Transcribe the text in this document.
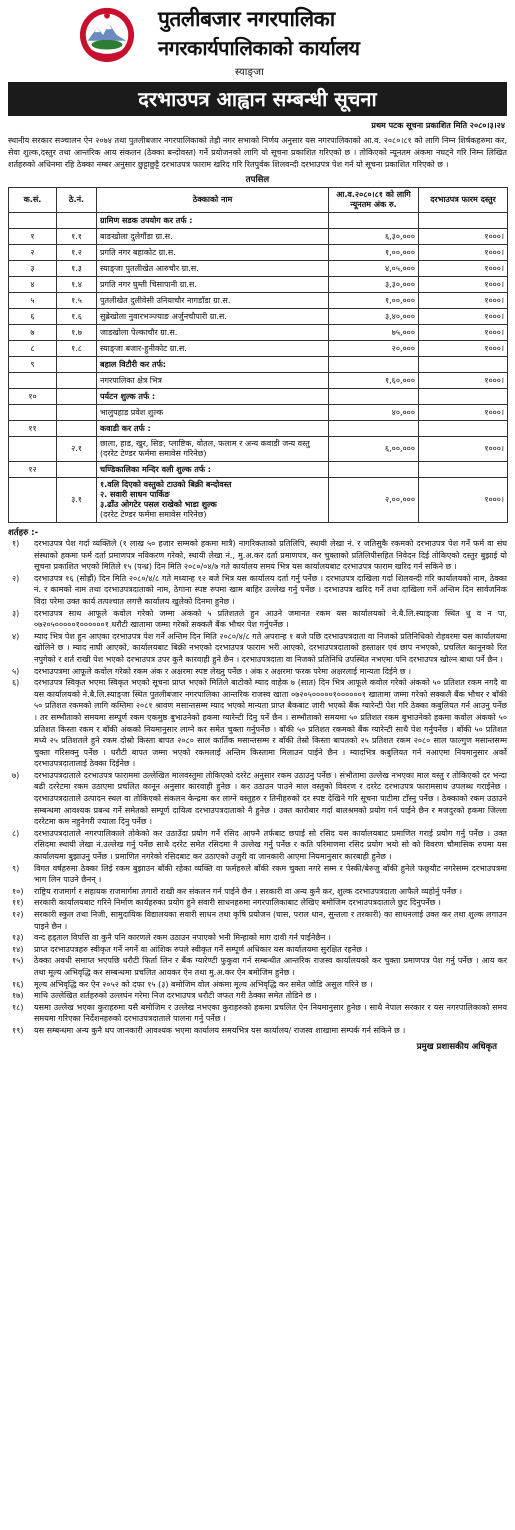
पुतलीबजार नगरपालिका
नगरकार्यपालिकाको कार्यालय
स्याङ्जा
दरभाउपत्र आह्वान सम्बन्धी सूचना
प्रथम पटक सूचना प्रकाशित मिति २०८०।३।२४
स्थानीय सरकार सञ्चालन ऐन २०७४ तथा पुतलीबजार नगरपालिकाको तेह्रौ नगर सभाको निर्णय अनुसार यस नगरपालिकाको आ.व. २०८०।८१ को लागि निम्न शिर्षकहरुमा कर, सेवा शुल्क,दस्तुर तथा आन्तरिक आय संकलन (ठेक्का बन्दोवस्त) गर्ने प्रयोजनको लागि यो सूचना प्रकाशित गरिएको छ । तोकिएको न्यूनतम अंकमा नघट्ने गरि निम्न लिखित शर्तहरुको अधिनमा रहि ठेक्का नम्बर अनुसार छुट्टाछुट्टै दरभाउपत्र फाराम खरिद गरि रितपुर्वक शिलवन्दी दरभाउपत्र पेश गर्न यो सूचना प्रकाशित गरिएको छ ।
तपसिल
क.सं.	ठे.नं.	ठेक्काको नाम	आ.व.२०८०।८१ को लागि न्यूनतम अंक रु.	दरभाउपत्र फारम दस्तुर
		ग्रामिण सडक उपयोग कर तर्फ :		
१	१.१	बाङखोला दुलेगौंडा ग्रा.स.	६,३०,०००	१०००।
२	१.२	प्रगति नगर बहाकोट ग्रा.स.	१,००,०००	१०००।
३	१.३	स्याङ्जा पुतलीखेत आरुचौर ग्रा.स.	४,०५,०००	१०००।
४	१.४	प्रगति नगर घुम्ती चिसापानी ग्रा.स.	३,३०,०००	१०००।
५	१.५	पुतलीखेत दुलीवेसी उनियाचौर नागडाँडा ग्रा.स.	१,००,०००	१०००।
६	१.६	सुब्रेखोला नुवारभञ्ज्याङ अर्जुनचौपारी ग्रा.स.	३,४०,०००	१०००।
७	१.७	जाडखोला पेल्काचौर ग्रा.स.	७५,०००	१०००।
८	१.८	स्याङ्जा बजार-हुनीकोट ग्रा.स.	२०,०००	१०००।
९		बहाल विटौरी कर तर्फ:		
		नगरपालिका क्षेत्र भित्र	१,६०,०००	१०००।
१०		पर्यटन शुल्क तर्फ :		
		भालुपहाड प्रवेश शुल्क	४०,०००	१०००।
११		कवाडी कर तर्फ :		
	२.१	छाला, हाड, खुर, सिङ, प्लाष्टिक, वोतल, फलाम र अन्य कवाडी जन्य वस्तु (दररेट टेण्डर फर्ममा समावेस गरिनेछ)	६,००,०००	१०००।
१२		चण्डिकालिका मन्दिर वली शुल्क तर्फ :		
	३.१	१.वलि दिएको वस्तुको टाउको बिक्री बन्दोवस्त
२. सवारी साधन पार्किङ
३.ढाँउ ओगटेर पसल राखेको भाडा शुल्क
(दररेट टेण्डर फर्ममा समावेस गरिनेछ)	२,००,०००	१०००।
शर्तहरु :-
१)	दरभाउपत्र पेश गर्दा व्यक्तिले (१ लाख ५० हजार सम्मको हकमा मात्रै) नागरिकताको प्रतिलिपि, स्थायी लेखा नं. र जतिसुकै रकमको दरभाउपत्र पेश गर्ने फर्म वा संघ संस्थाको हकमा फर्म दर्ता प्रमाणपत्र नविकरण गरेको, स्थायी लेखा नं., मु.अ.कर दर्ता प्रमाणपत्र, कर चुक्ताको प्रतिलिपीसहित निवेदन दिई तोकिएको दस्तुर बुझाई यो सूचना प्रकाशित भएको मितिले १५ (पन्ध्र) दिन मिति २०८०/०४/७ गते कार्यालय समय भित्र यस कार्यालयबाट दरभाउपत्र फाराम खरिद गर्न सकिने छ ।
२)	दरभाउपत्र १६ (सोह्रौं) दिन मिति २०८०/४/८ गते मध्यान्ह १२ बजे भित्र यस कार्यालय दर्ता गर्नु पर्नेछ । दरभाउपत्र दाखिला गर्दा शिलवन्दी गरि कार्यालयको नाम, ठेक्का नं. र कामको नाम तथा दरभाउपत्रदाताको नाम, ठेगाना स्पष्ट रुपमा खाम बाहिर उल्लेख गर्नु पर्नेछ । दरभाउपत्र खरिद गर्ने तथा दाखिला गर्ने अन्तिम दिन सार्वजनिक विदा परेमा उक्त कार्य तत्पश्चात लगत्तै कार्यालय खुलेको दिनमा हुनेछ ।
३)	दरभाउपत्र साथ आफूले कवोल गरेको जम्मा अंकको ५ प्रतिशतले हुन आउने जमानत रकम यस कार्यालयको ने.बै.लि.स्याङ्जा स्थित धु व न पा, ०७२०५०००००१००००००१ धरौटी खातामा जम्मा गरेको सक्कलै बैंक भौचर पेश गर्नुपर्नेछ ।
४)	म्याद भित्र पेश हुन आएका दरभाउपत्र पेश गर्ने अन्तिम दिन मिति २०८०/४/८ गते अपरान्ह १ बजे पछि दरभाउपत्रदाता वा निजको प्रतिनिधिको रोहवरमा यस कार्यालयमा खोलिने छ । म्याद नाघी आएको, कार्यालयबाट बिक्री नभएको दरभाउपत्र फाराम भरी आएको, दरभाउपत्रदाताको हस्ताक्षर एवं छाप नभएको, प्रचलित कानूनको रित नपुगेको र शर्त राखी पेश भएको दरभाउपत्र उपर कुनै कारवाही हुने छैन । दरभाउपत्रदाता वा निजको प्रतिनिधि उपस्थित नभएमा पनि दरभाउपत्र खोल्न बाधा पर्ने छैन ।
५)	दरभाउपत्रमा आफूले कवोल गरेको रकम अंक र अक्षरमा स्पष्ट लेख्नु पर्नेछ । अंक र अक्षरमा फरक परेमा अक्षरलाई मान्यता दिईने छ ।
६)	दरभाउपत्र स्विकृत भएमा स्विकृत भएको सूचना प्राप्त भएको मितिले बाटोको म्याद वाहेक ७ (सात) दिन भित्र आफूले कवोल गरेको अंकको ५० प्रतिशत रकम नगदै वा यस कार्यालयको ने.बै.लि.स्याङ्जा स्थित पुतलीबजार नगरपालिका आन्तरिक राजस्व खाता ०७२०५०००००१००००००१ खातामा जम्मा गरेको सक्कलै बैंक भौचर र बाँकी ५० प्रतिशत रकमको लागि कम्तिमा २०८१ श्रावण मसान्तसम्म म्याद भएको मान्यता प्राप्त बैकबाट जारी भएको बैंक ग्यारेन्टी पेश गरि ठेक्का कबुलियत गर्न आउनु पर्नेछ । तर सम्भौताको समयमा सम्पूर्ण रकम एकमुष्ठ बुभाउनेको हकमा ग्यारेन्टी दिनु पर्ने छैन । सम्भौताको समयमा ५० प्रतिशत रकम बुभाउनेको हकमा कवोल अंकको ५० प्रतिशत किस्ता रकम र बाँकी अंकको नियमानुसार लाग्ने कर समेत चुक्ता गर्नुपर्नेछ । बाँकी ५० प्रतिशत रकमको बैंक ग्यारेन्टी साथै पेश गर्नुपर्नेछ । बाँकी ५० प्रतिशत मध्ये २५ प्रतिशतले हुने रकम दोस्रो किस्ता बापत २०८० साल कार्तिक मसान्तसम्म र बाँकी तेस्रो किस्ता बापतको २५ प्रतिशत रकम २०८० साल फाल्गुण मसान्तसम्म चुक्ता गरिसक्नु पर्नेछ । धरौटी बापत जम्मा भएको रकमलाई अन्तिम किस्तामा मिलाउन पाईने छैन । म्यादभित्र कबुलियत गर्न नआएमा नियमानुसार अर्को दरभाउपत्रदातालाई ठेक्का दिईनेछ ।
७)	दरभाउपत्रदाताले दरभाउपत्र फाराममा उल्लेखित मालवस्तुमा तोकिएको दररेट अनुसार रकम उठाउनु पर्नेछ । संभौतामा उल्लेख नभएका माल वस्तु र तोकिएको दर भन्दा बढी दररेटमा रकम उठाएमा प्रचलित कानून अनुसार कारवाही हुनेछ । कर उठाउन पाउने माल वस्तुको विवरण र दररेट दरभाउपत्र फारामसाथ उपलब्ध गराईनेछ । दरभाउपत्रदाताले उत्पादन स्थल वा तोकिएको संकलन केन्द्रमा कर लाग्ने वस्तुहरु र तिनीहरुको दर स्पष्ट देखिने गरि सूचना पाटीमा टाँस्नु पर्नेछ । ठेक्काको रकम उठाउने सम्बन्धमा आवश्यक प्रबन्ध गर्ने समेतको सम्पूर्ण दायित्व दरभाउपत्रदाताको नै हुनेछ । उक्त कारोबार गर्दा बालश्रमको प्रयोग गर्न पाईने छैन र मजदुरको हकमा जिल्ला दररेटमा कम नहुनेगरी ज्याला दिनु पर्नेछ ।
८)	दरभाउपत्रदाताले नगरपालिकाले तोकेको कर उठाउँदा प्रयोग गर्ने रसिद आफ्नै तर्फबाट छपाई सो रसिद यस कार्यालयबाट प्रमाणित गराई प्रयोग गर्नु पर्नेछ । उक्त रसिदमा स्थायी लेखा नं.उल्लेख गर्नु पर्नेछ साथै दररेट समेत रसिदमा नै उल्लेख गर्नु पर्नेछ र कति परिमाणमा रसिद प्रयोग भयो सो को विवरण चौमासिक रुपमा यस कार्यालयमा बुझाउनु पर्नेछ । प्रमाणित नगरेको रसिदबाट कर उठाएको उजुरी वा जानकारी आएमा नियमानुसार कारबाही हुनेछ ।
९)	विगत वर्षहरुमा ठेक्का लिई रकम बुझाउन बाँकी रहेका व्यक्ति वा फर्महरुले बाँकी रकम चुक्ता नगरे सम्म र पेस्की/बेरुजु बाँकी हुनेले फछ्र्यौट नगरेसम्म दरभाउपत्रमा भाग लिन पाउने छैनन् ।
१०)	राष्ट्रिय राजमार्ग र सहायक राजमार्गमा तगारो राखी कर संकलन गर्न पाईने छैन । सरकारी वा अन्य कुनै कर, शुल्क दरभाउपत्रदाता आफैले व्यहोर्नु पर्नेछ ।
११)	सरकारी कार्यालयबाट गरिने निर्माण कार्यहरुका प्रयोग हुने सवारी साधनहरुमा नगरपालिकाबाट लेखिए बमोजिम दरभाउपत्रदाताले छुट दिनुपर्नेछ ।
१२)	सरकारी स्कुल तथा निजी, सामुदायिक विद्यालयका सवारी साधन तथा कृषि प्रयोजन (घास, पराल धान, सुन्तला र तरकारी) का साधनलाई उक्त कर तथा शुल्क लगाउन पाइने छैन ।
१३)	वन्द हड्ताल विपत्ति वा कुनै पनि कारणले रकम उठाउन नपाएको भनी मिन्हाको माग दावी गर्न पाईनेछैन ।
१४)	प्राप्त दरभाउपत्रहरु स्वीकृत गर्ने नगर्ने वा आंशिक रुपले स्वीकृत गर्ने सम्पूर्ण अधिकार यस कार्यालयमा सुरक्षित रहनेछ ।
१५)	ठेक्का अवधी समाप्त भएपछि धरौटी फिर्ता लिन र बैंक ग्यारेण्टी फुकुवा गर्न सम्बन्धीत आन्तरिक राजस्व कार्यालयको कर चुक्ता प्रमाणपत्र पेश गर्नु पर्नेछ । आय कर तथा मूल्य अभिवृद्धि कर सम्बन्धमा प्रचलित आयकर ऐन तथा मु.अ.कर ऐन बमोजिम हुनेछ ।
१६)	मूल्य अभिवृद्धि कर ऐन २०५२ को दफा १५ (३) बमोजिम वोल अंकमा मूल्य अभिवृद्धि कर समेत जोडि असुल गरिने छ ।
१७)	माथि उल्लेखित शर्तहरुको उल्लघंन गरेमा निज दरभाउपत्र धरौटी जफत गरी ठेक्का समेत तोडिने छ ।
१८)	यसमा उल्लेख भएका कुराहरुमा यसै बमोजिम र उल्लेख नभएका कुराहरुको हकमा प्रचलित ऐन नियमानुसार हुनेछ । साथै नेपाल सरकार र यस नगरपालिकाको समय समयमा गरिएका निर्देशनहरुको दरभाउपत्रदाताले पालना गर्नु पर्नेछ ।
१९)	यस सम्बन्धमा अन्य कुनै थप जानकारी आवश्यक भएमा कार्यालय समयभित्र यस कार्यालय/ राजस्व शाखामा सम्पर्क गर्न सकिने छ ।
प्रमुख प्रशासकीय अधिकृत
